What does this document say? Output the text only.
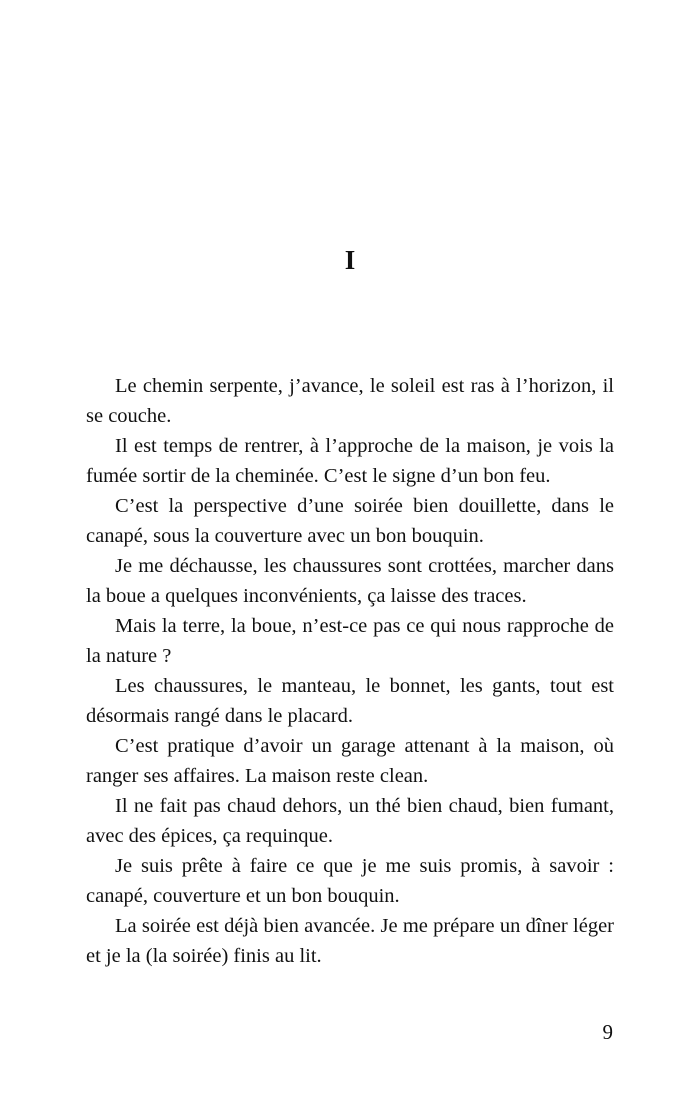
I

Le chemin serpente, j’avance, le soleil est ras à l’horizon, il se couche.

Il est temps de rentrer, à l’approche de la maison, je vois la fumée sortir de la cheminée. C’est le signe d’un bon feu.

C’est la perspective d’une soirée bien douillette, dans le canapé, sous la couverture avec un bon bouquin.

Je me déchausse, les chaussures sont crottées, marcher dans la boue a quelques inconvénients, ça laisse des traces.

Mais la terre, la boue, n’est-ce pas ce qui nous rapproche de la nature ?

Les chaussures, le manteau, le bonnet, les gants, tout est désormais rangé dans le placard.

C’est pratique d’avoir un garage attenant à la maison, où ranger ses affaires. La maison reste clean.

Il ne fait pas chaud dehors, un thé bien chaud, bien fumant, avec des épices, ça requinque.

Je suis prête à faire ce que je me suis promis, à savoir : canapé, couverture et un bon bouquin.

La soirée est déjà bien avancée. Je me prépare un dîner léger et je la (la soirée) finis au lit.

9
